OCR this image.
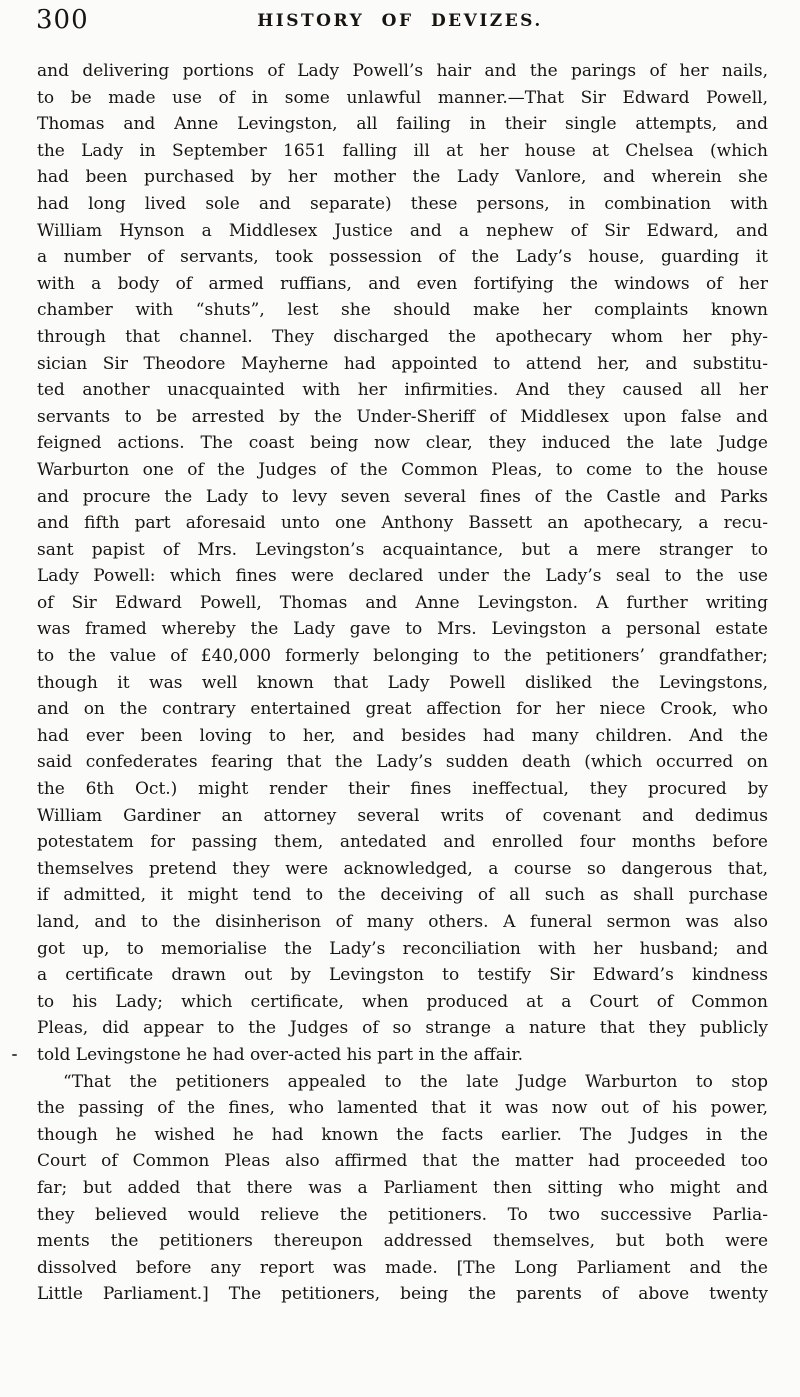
300	HISTORY OF DEVIZES.
and delivering portions of Lady Powell’s hair and the parings of her nails,
to be made use of in some unlawful manner.—That Sir Edward Powell,
Thomas and Anne Levingston, all failing in their single attempts, and
the Lady in September 1651 falling ill at her house at Chelsea (which
had been purchased by her mother the Lady Vanlore, and wherein she
had long lived sole and separate) these persons, in combination with
William Hynson a Middlesex Justice and a nephew of Sir Edward, and
a number of servants, took possession of the Lady’s house, guarding it
with a body of armed ruffians, and even fortifying the windows of her
chamber with “shuts”, lest she should make her complaints known
through that channel. They discharged the apothecary whom her phy-
sician Sir Theodore Mayherne had appointed to attend her, and substitu-
ted another unacquainted with her infirmities. And they caused all her
servants to be arrested by the Under-Sheriff of Middlesex upon false and
feigned actions. The coast being now clear, they induced the late Judge
Warburton one of the Judges of the Common Pleas, to come to the house
and procure the Lady to levy seven several fines of the Castle and Parks
and fifth part aforesaid unto one Anthony Bassett an apothecary, a recu-
sant papist of Mrs. Levingston’s acquaintance, but a mere stranger to
Lady Powell: which fines were declared under the Lady’s seal to the use
of Sir Edward Powell, Thomas and Anne Levingston. A further writing
was framed whereby the Lady gave to Mrs. Levingston a personal estate
to the value of £40,000 formerly belonging to the petitioners’ grandfather;
though it was well known that Lady Powell disliked the Levingstons,
and on the contrary entertained great affection for her niece Crook, who
had ever been loving to her, and besides had many children. And the
said confederates fearing that the Lady’s sudden death (which occurred on
the 6th Oct.) might render their fines ineffectual, they procured by
William Gardiner an attorney several writs of covenant and dedimus
potestatem for passing them, antedated and enrolled four months before
themselves pretend they were acknowledged, a course so dangerous that,
if admitted, it might tend to the deceiving of all such as shall purchase
land, and to the disinherison of many others. A funeral sermon was also
got up, to memorialise the Lady’s reconciliation with her husband; and
a certificate drawn out by Levingston to testify Sir Edward’s kindness
to his Lady; which certificate, when produced at a Court of Common
Pleas, did appear to the Judges of so strange a nature that they publicly
told Levingstone he had over-acted his part in the affair.
“That the petitioners appealed to the late Judge Warburton to stop
the passing of the fines, who lamented that it was now out of his power,
though he wished he had known the facts earlier. The Judges in the
Court of Common Pleas also affirmed that the matter had proceeded too
far; but added that there was a Parliament then sitting who might and
they believed would relieve the petitioners. To two successive Parlia-
ments the petitioners thereupon addressed themselves, but both were
dissolved before any report was made. [The Long Parliament and the
Little Parliament.] The petitioners, being the parents of above twenty
